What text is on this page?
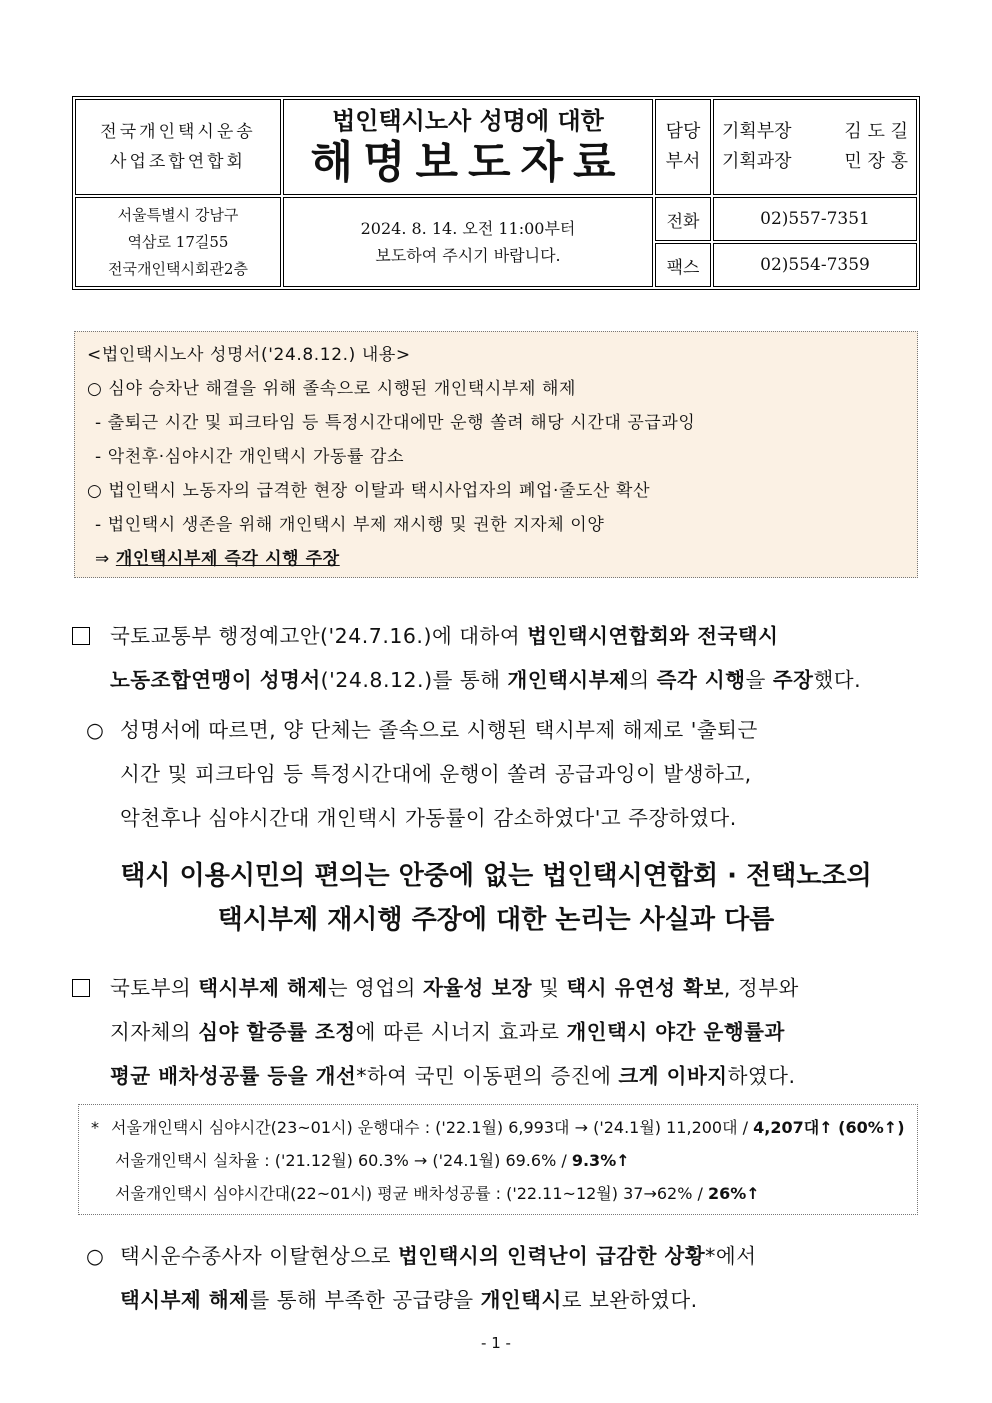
전국개인택시운송
사업조합연합회
법인택시노사 성명에 대한
해명보도자료
담당
부서
기획부장	김 도 길
기획과장	민 장 홍
서울특별시 강남구
역삼로 17길55
전국개인택시회관2층
2024. 8. 14. 오전 11:00부터
보도하여 주시기 바랍니다.
전화	02)557-7351
팩스	02)554-7359
<법인택시노사 성명서('24.8.12.) 내용>
○ 심야 승차난 해결을 위해 졸속으로 시행된 개인택시부제 해제
- 출퇴근 시간 및 피크타임 등 특정시간대에만 운행 쏠려 해당 시간대 공급과잉
- 악천후·심야시간 개인택시 가동률 감소
○ 법인택시 노동자의 급격한 현장 이탈과 택시사업자의 폐업·줄도산 확산
- 법인택시 생존을 위해 개인택시 부제 재시행 및 권한 지자체 이양
⇒ 개인택시부제 즉각 시행 주장
국토교통부 행정예고안('24.7.16.)에 대하여 법인택시연합회와 전국택시
노동조합연맹이 성명서('24.8.12.)를 통해 개인택시부제의 즉각 시행을 주장했다.
○ 성명서에 따르면, 양 단체는 졸속으로 시행된 택시부제 해제로 '출퇴근
시간 및 피크타임 등 특정시간대에 운행이 쏠려 공급과잉이 발생하고,
악천후나 심야시간대 개인택시 가동률이 감소하였다'고 주장하였다.
택시 이용시민의 편의는 안중에 없는 법인택시연합회 · 전택노조의
택시부제 재시행 주장에 대한 논리는 사실과 다름
국토부의 택시부제 해제는 영업의 자율성 보장 및 택시 유연성 확보, 정부와
지자체의 심야 할증률 조정에 따른 시너지 효과로 개인택시 야간 운행률과
평균 배차성공률 등을 개선*하여 국민 이동편의 증진에 크게 이바지하였다.
* 서울개인택시 심야시간(23~01시) 운행대수 : ('22.1월) 6,993대 → ('24.1월) 11,200대 / 4,207대↑ (60%↑)
서울개인택시 실차율 : ('21.12월) 60.3% → ('24.1월) 69.6% / 9.3%↑
서울개인택시 심야시간대(22~01시) 평균 배차성공률 : ('22.11~12월) 37→62% / 26%↑
○ 택시운수종사자 이탈현상으로 법인택시의 인력난이 급감한 상황*에서
택시부제 해제를 통해 부족한 공급량을 개인택시로 보완하였다.
- 1 -
